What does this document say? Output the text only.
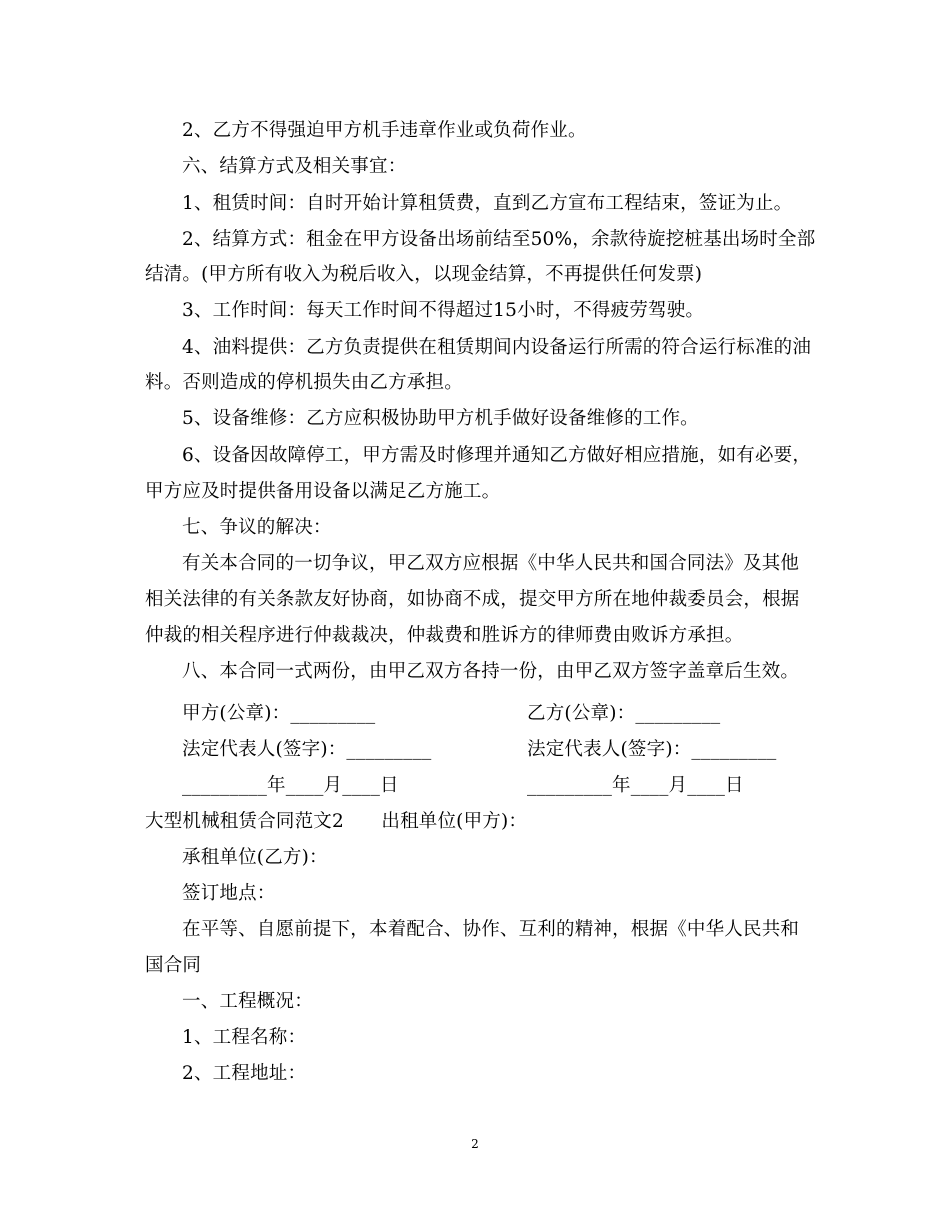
2、乙方不得强迫甲方机手违章作业或负荷作业。
六、结算方式及相关事宜：
1、租赁时间：自时开始计算租赁费，直到乙方宣布工程结束，签证为止。
2、结算方式：租金在甲方设备出场前结至50%，余款待旋挖桩基出场时全部
结清。(甲方所有收入为税后收入，以现金结算，不再提供任何发票)
3、工作时间：每天工作时间不得超过15小时，不得疲劳驾驶。
4、油料提供：乙方负责提供在租赁期间内设备运行所需的符合运行标准的油
料。否则造成的停机损失由乙方承担。
5、设备维修：乙方应积极协助甲方机手做好设备维修的工作。
6、设备因故障停工，甲方需及时修理并通知乙方做好相应措施，如有必要，
甲方应及时提供备用设备以满足乙方施工。
七、争议的解决：
有关本合同的一切争议，甲乙双方应根据《中华人民共和国合同法》及其他
相关法律的有关条款友好协商，如协商不成，提交甲方所在地仲裁委员会，根据
仲裁的相关程序进行仲裁裁决，仲裁费和胜诉方的律师费由败诉方承担。
八、本合同一式两份，由甲乙双方各持一份，由甲乙双方签字盖章后生效。
甲方(公章)：_________	乙方(公章)：_________
法定代表人(签字)：_________	法定代表人(签字)：_________
_________年____月____日	_________年____月____日
大型机械租赁合同范文2　　出租单位(甲方)：
承租单位(乙方)：
签订地点：
在平等、自愿前提下，本着配合、协作、互利的精神，根据《中华人民共和
国合同
一、工程概况：
1、工程名称：
2、工程地址：
2
